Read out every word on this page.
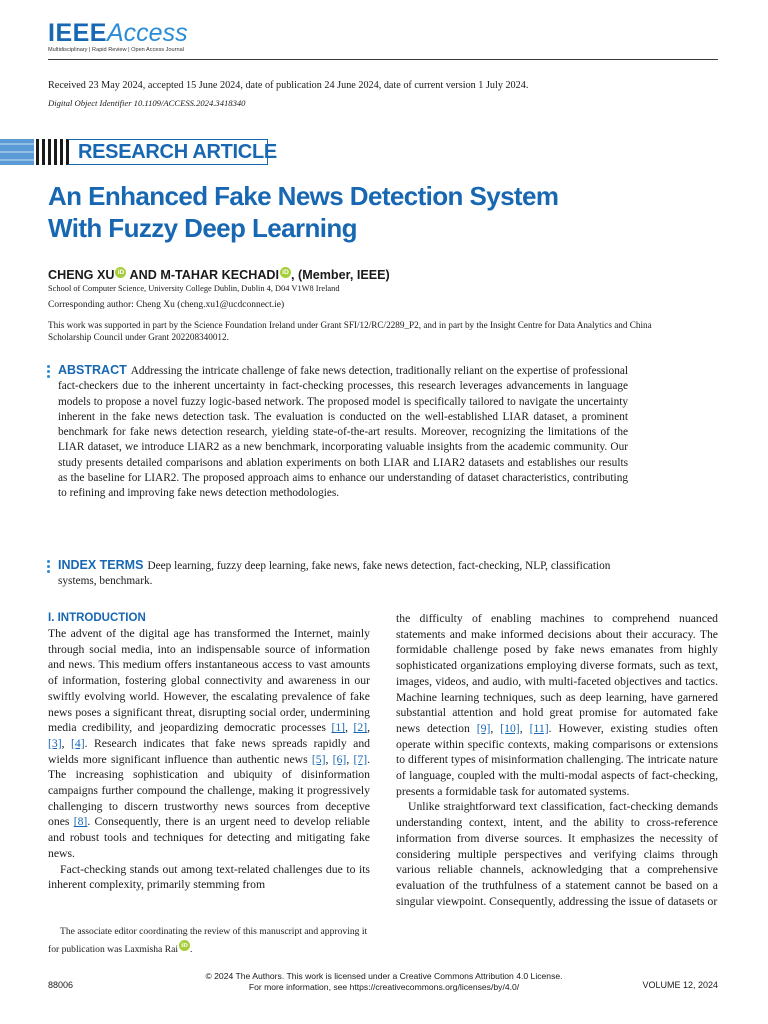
IEEEAccess
Multidisciplinary | Rapid Review | Open Access Journal
Received 23 May 2024, accepted 15 June 2024, date of publication 24 June 2024, date of current version 1 July 2024.
Digital Object Identifier 10.1109/ACCESS.2024.3418340
RESEARCH ARTICLE
An Enhanced Fake News Detection System
With Fuzzy Deep Learning
CHENG XU iD AND M-TAHAR KECHADI iD , (Member, IEEE)
School of Computer Science, University College Dublin, Dublin 4, D04 V1W8 Ireland
Corresponding author: Cheng Xu (cheng.xu1@ucdconnect.ie)
This work was supported in part by the Science Foundation Ireland under Grant SFI/12/RC/2289_P2, and in part by the Insight Centre for Data Analytics and China Scholarship Council under Grant 202208340012.
ABSTRACT Addressing the intricate challenge of fake news detection, traditionally reliant on the expertise of professional fact-checkers due to the inherent uncertainty in fact-checking processes, this research leverages advancements in language models to propose a novel fuzzy logic-based network. The proposed model is specifically tailored to navigate the uncertainty inherent in the fake news detection task. The evaluation is conducted on the well-established LIAR dataset, a prominent benchmark for fake news detection research, yielding state-of-the-art results. Moreover, recognizing the limitations of the LIAR dataset, we introduce LIAR2 as a new benchmark, incorporating valuable insights from the academic community. Our study presents detailed comparisons and ablation experiments on both LIAR and LIAR2 datasets and establishes our results as the baseline for LIAR2. The proposed approach aims to enhance our understanding of dataset characteristics, contributing to refining and improving fake news detection methodologies.
INDEX TERMS Deep learning, fuzzy deep learning, fake news, fake news detection, fact-checking, NLP, classification systems, benchmark.
I. INTRODUCTION

The advent of the digital age has transformed the Internet, mainly through social media, into an indispensable source of information and news. This medium offers instantaneous access to vast amounts of information, fostering global connectivity and awareness in our swiftly evolving world. However, the escalating prevalence of fake news poses a significant threat, disrupting social order, undermining media credibility, and jeopardizing democratic processes [1], [2], [3], [4]. Research indicates that fake news spreads rapidly and wields more significant influence than authentic news [5], [6], [7]. The increasing sophistication and ubiquity of disinformation campaigns further compound the challenge, making it progressively challenging to discern trustworthy news sources from deceptive ones [8]. Consequently, there is an urgent need to develop reliable and robust tools and techniques for detecting and mitigating fake news.

Fact-checking stands out among text-related challenges due to its inherent complexity, primarily stemming from

The associate editor coordinating the review of this manuscript and approving it for publication was Laxmisha Rai iD .

the difficulty of enabling machines to comprehend nuanced statements and make informed decisions about their accuracy. The formidable challenge posed by fake news emanates from highly sophisticated organizations employing diverse formats, such as text, images, videos, and audio, with multi-faceted objectives and tactics. Machine learning techniques, such as deep learning, have garnered substantial attention and hold great promise for automated fake news detection [9], [10], [11]. However, existing studies often operate within specific contexts, making comparisons or extensions to different types of misinformation challenging. The intricate nature of language, coupled with the multi-modal aspects of fact-checking, presents a formidable task for automated systems.

Unlike straightforward text classification, fact-checking demands understanding context, intent, and the ability to cross-reference information from diverse sources. It emphasizes the necessity of considering multiple perspectives and verifying claims through various reliable channels, acknowledging that a comprehensive evaluation of the truthfulness of a statement cannot be based on a singular viewpoint. Consequently, addressing the issue of datasets or

© 2024 The Authors. This work is licensed under a Creative Commons Attribution 4.0 License.
For more information, see https://creativecommons.org/licenses/by/4.0/
88006	VOLUME 12, 2024
